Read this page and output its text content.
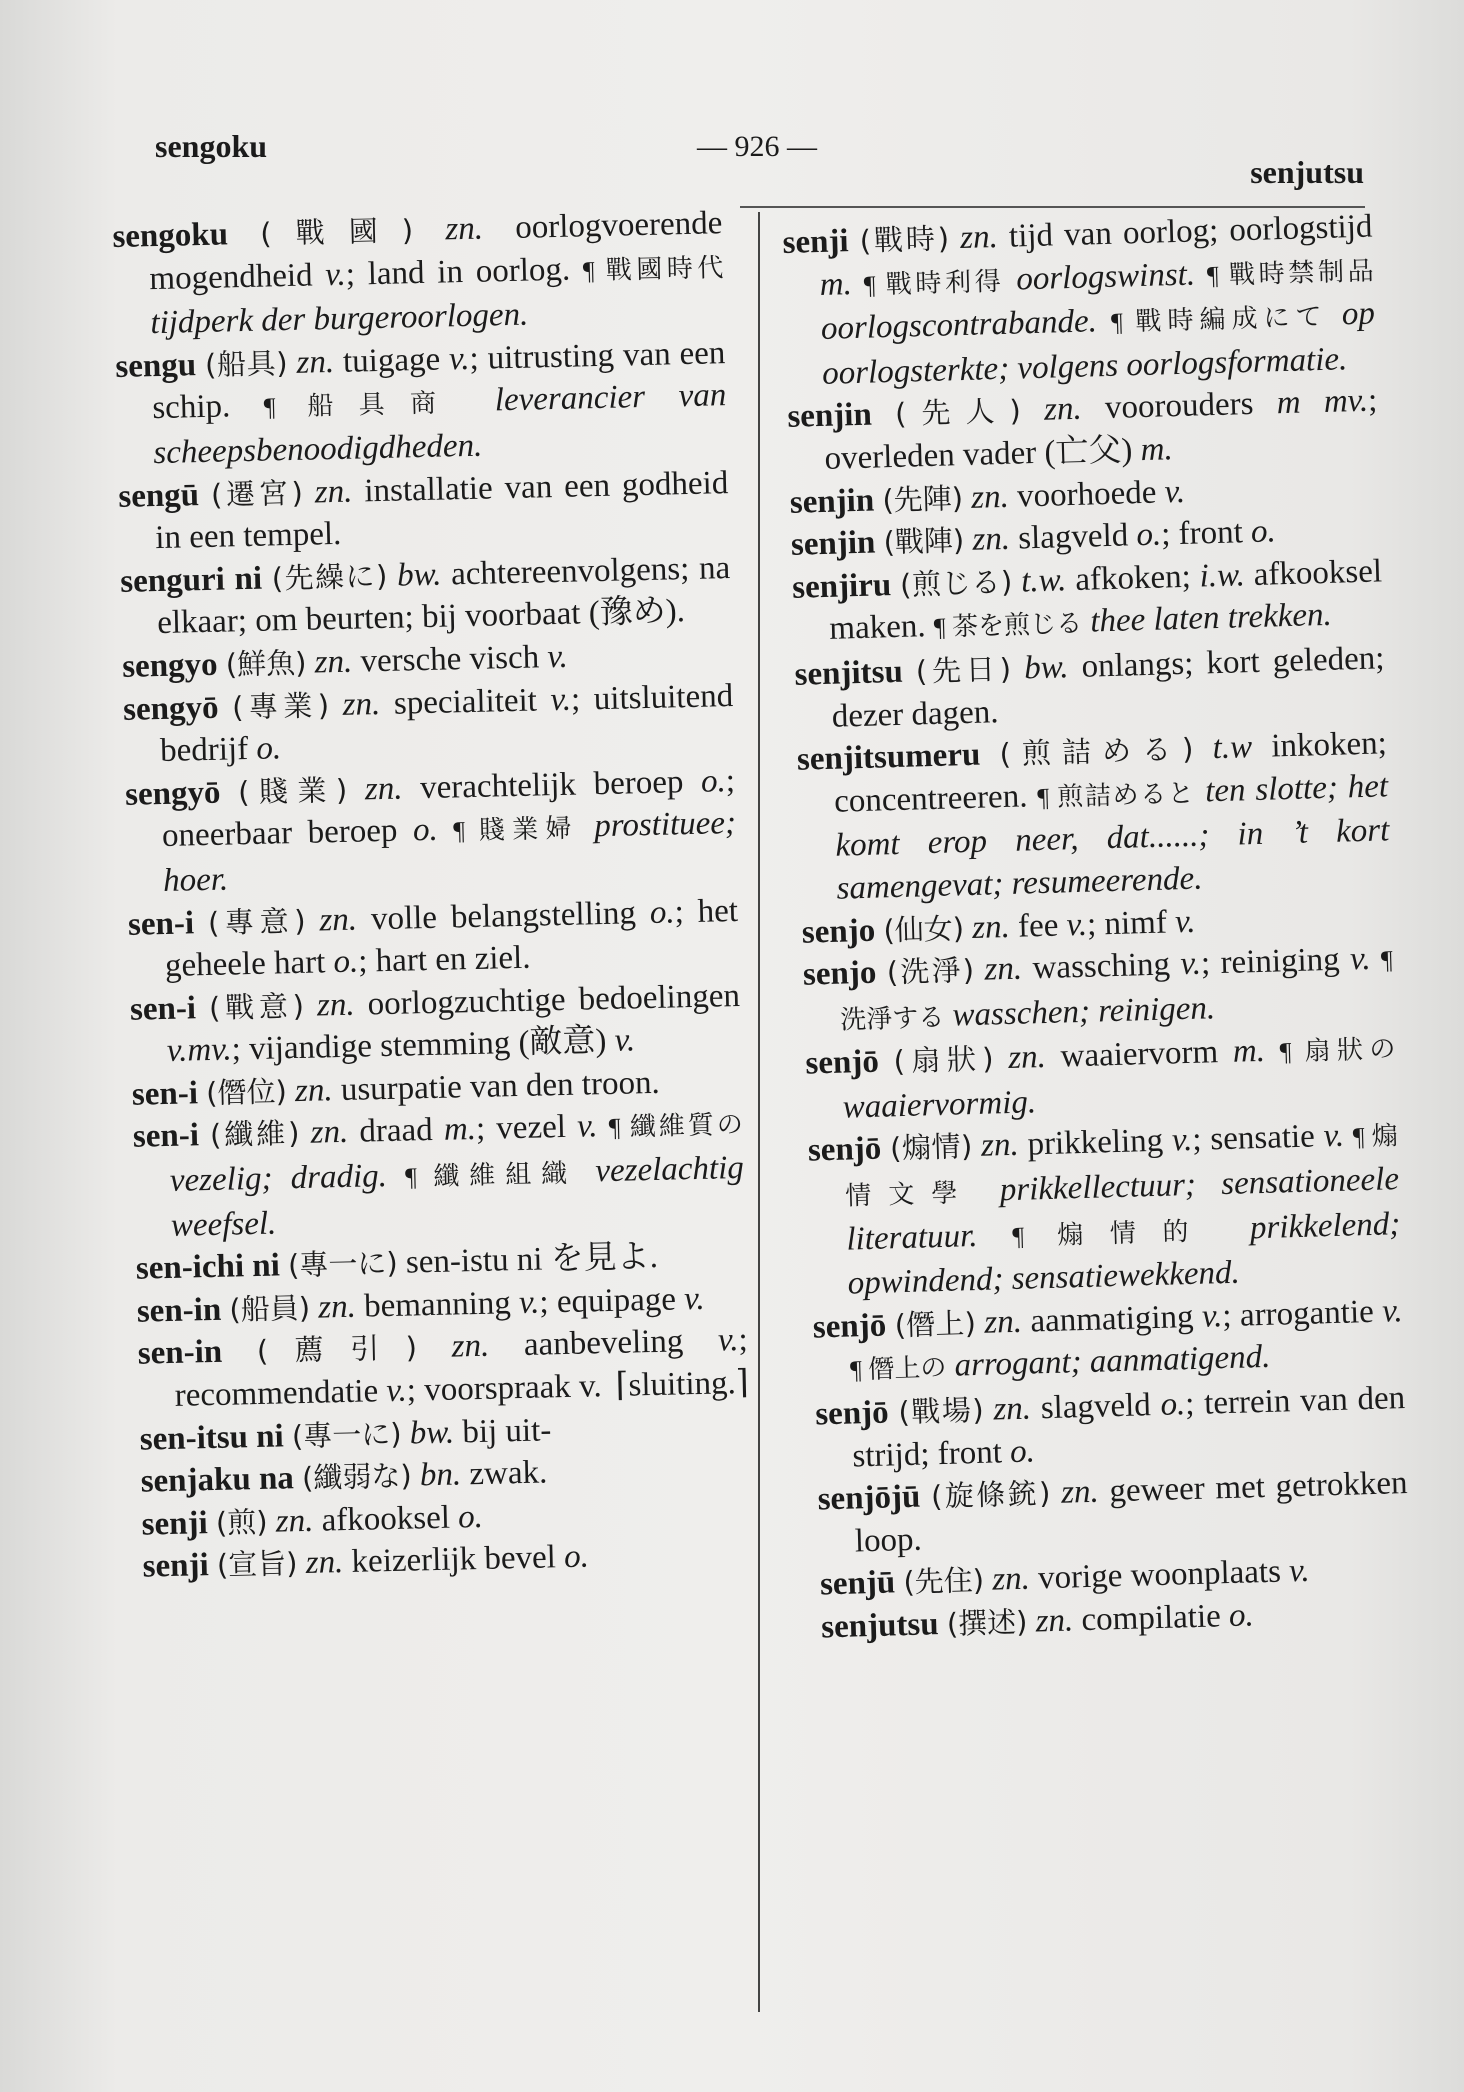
sengoku	— 926 —
senjutsu

sengoku (戰國) zn. oorlogvoerende mogendheid v.; land in oorlog. ¶ 戰國時代 tijdperk der burgeroorlogen.

sengu (船具) zn. tuigage v.; uitrusting van een schip. ¶ 船具商 leverancier van scheepsbenoodigdheden.

sengū (遷宮) zn. installatie van een godheid in een tempel.

senguri ni (先繰に) bw. achtereenvolgens; na elkaar; om beurten; bij voorbaat (豫め).

sengyo (鮮魚) zn. versche visch v.

sengyō (專業) zn. specialiteit v.; uitsluitend bedrijf o.

sengyō (賤業) zn. verachtelijk beroep o.; oneerbaar beroep o. ¶ 賤業婦 prostituee; hoer.

sen-i (專意) zn. volle belangstelling o.; het geheele hart o.; hart en ziel.

sen-i (戰意) zn. oorlogzuchtige bedoelingen v.mv.; vijandige stemming (敵意) v.

sen-i (僭位) zn. usurpatie van den troon.

sen-i (纖維) zn. draad m.; vezel v. ¶ 纖維質の vezelig; dradig. ¶ 纖維組織 vezelachtig weefsel.

sen-ichi ni (專一に) sen-istu ni を見よ.

sen-in (船員) zn. bemanning v.; equipage v.

sen-in (薦引) zn. aanbeveling v.; recommendatie v.; voorspraak v. ⌈sluiting.⌉

sen-itsu ni (專一に) bw. bij uit-

senjaku na (纖弱な) bn. zwak.

senji (煎) zn. afkooksel o.

senji (宣旨) zn. keizerlijk bevel o.

senji (戰時) zn. tijd van oorlog; oorlogstijd m. ¶ 戰時利得 oorlogswinst. ¶ 戰時禁制品 oorlogscontrabande. ¶ 戰時編成にて op oorlogsterkte; volgens oorlogsformatie.

senjin (先人) zn. voorouders m mv.; overleden vader (亡父) m.

senjin (先陣) zn. voorhoede v.

senjin (戰陣) zn. slagveld o.; front o.

senjiru (煎じる) t.w. afkoken; i.w. afkooksel maken. ¶ 茶を煎じる thee laten trekken.

senjitsu (先日) bw. onlangs; kort geleden; dezer dagen.

senjitsumeru (煎詰める) t.w inkoken; concentreeren. ¶ 煎詰めると ten slotte; het komt erop neer, dat......; in ’t kort samengevat; resumeerende.

senjo (仙女) zn. fee v.; nimf v.

senjo (洗淨) zn. wassching v.; reiniging v. ¶ 洗淨する wasschen; reinigen.

senjō (扇狀) zn. waaiervorm m. ¶ 扇狀の waaiervormig.

senjō (煽情) zn. prikkeling v.; sensatie v. ¶ 煽情文學 prikkellectuur; sensationeele literatuur. ¶ 煽情的 prikkelend; opwindend; sensatiewekkend.

senjō (僭上) zn. aanmatiging v.; arrogantie v. ¶ 僭上の arrogant; aanmatigend.

senjō (戰場) zn. slagveld o.; terrein van den strijd; front o.

senjōjū (旋條銃) zn. geweer met getrokken loop.

senjū (先住) zn. vorige woonplaats v.

senjutsu (撰述) zn. compilatie o.
